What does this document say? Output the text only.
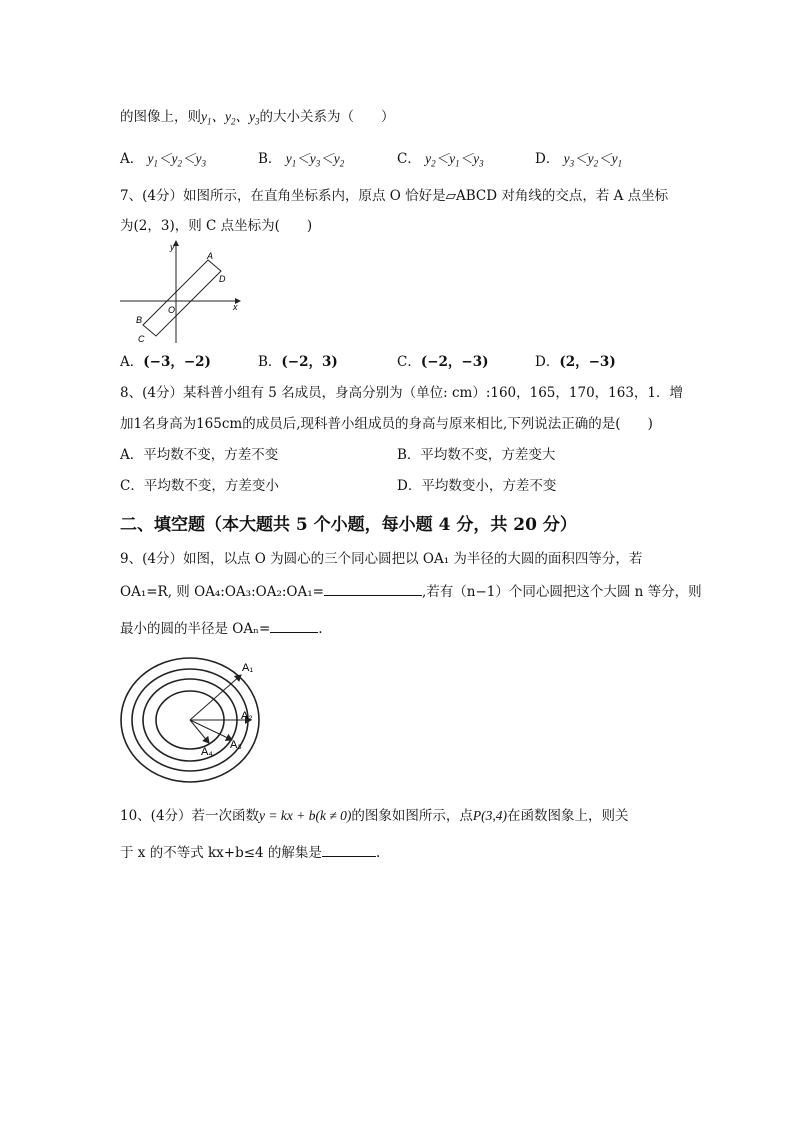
的图像上，则$y_1$、$y_2$、$y_3$的大小关系为（　　）
A． $y_1<y_2<y_3$	B． $y_1<y_3<y_2$	C． $y_2<y_1<y_3$	D． $y_3<y_2<y_1$
7、(4分）如图所示，在直角坐标系内，原点 O 恰好是▱ABCD 对角线的交点，若 A 点坐标
为(2，3)，则 C 点坐标为(　　)
y
x
O
A
D
B
C
A．(−3，−2)	B．(−2，3)	C．(−2，−3)	D．(2，−3)
8、(4分）某科普小组有 5 名成员，身高分别为（单位: cm）:160，165，170，163，1．增
加1名身高为165cm的成员后,现科普小组成员的身高与原来相比,下列说法正确的是(　　)
A．平均数不变，方差不变	B．平均数不变，方差变大
C．平均数不变，方差变小	D．平均数变小，方差不变
二、填空题（本大题共 5 个小题，每小题 4 分，共 20 分）
9、(4分）如图，以点 O 为圆心的三个同心圆把以 OA₁ 为半径的大圆的面积四等分，若
OA₁=R, 则 OA₄:OA₃:OA₂:OA₁=	,若有（n−1）个同心圆把这个大圆 n 等分，则
最小的圆的半径是 OAₙ=	.
A₁
A₂
A₃
A₄
10、(4分）若一次函数y = kx + b(k ≠ 0)的图象如图所示，点P(3,4)在函数图象上，则关
于 x 的不等式 kx+b≤4 的解集是	.
